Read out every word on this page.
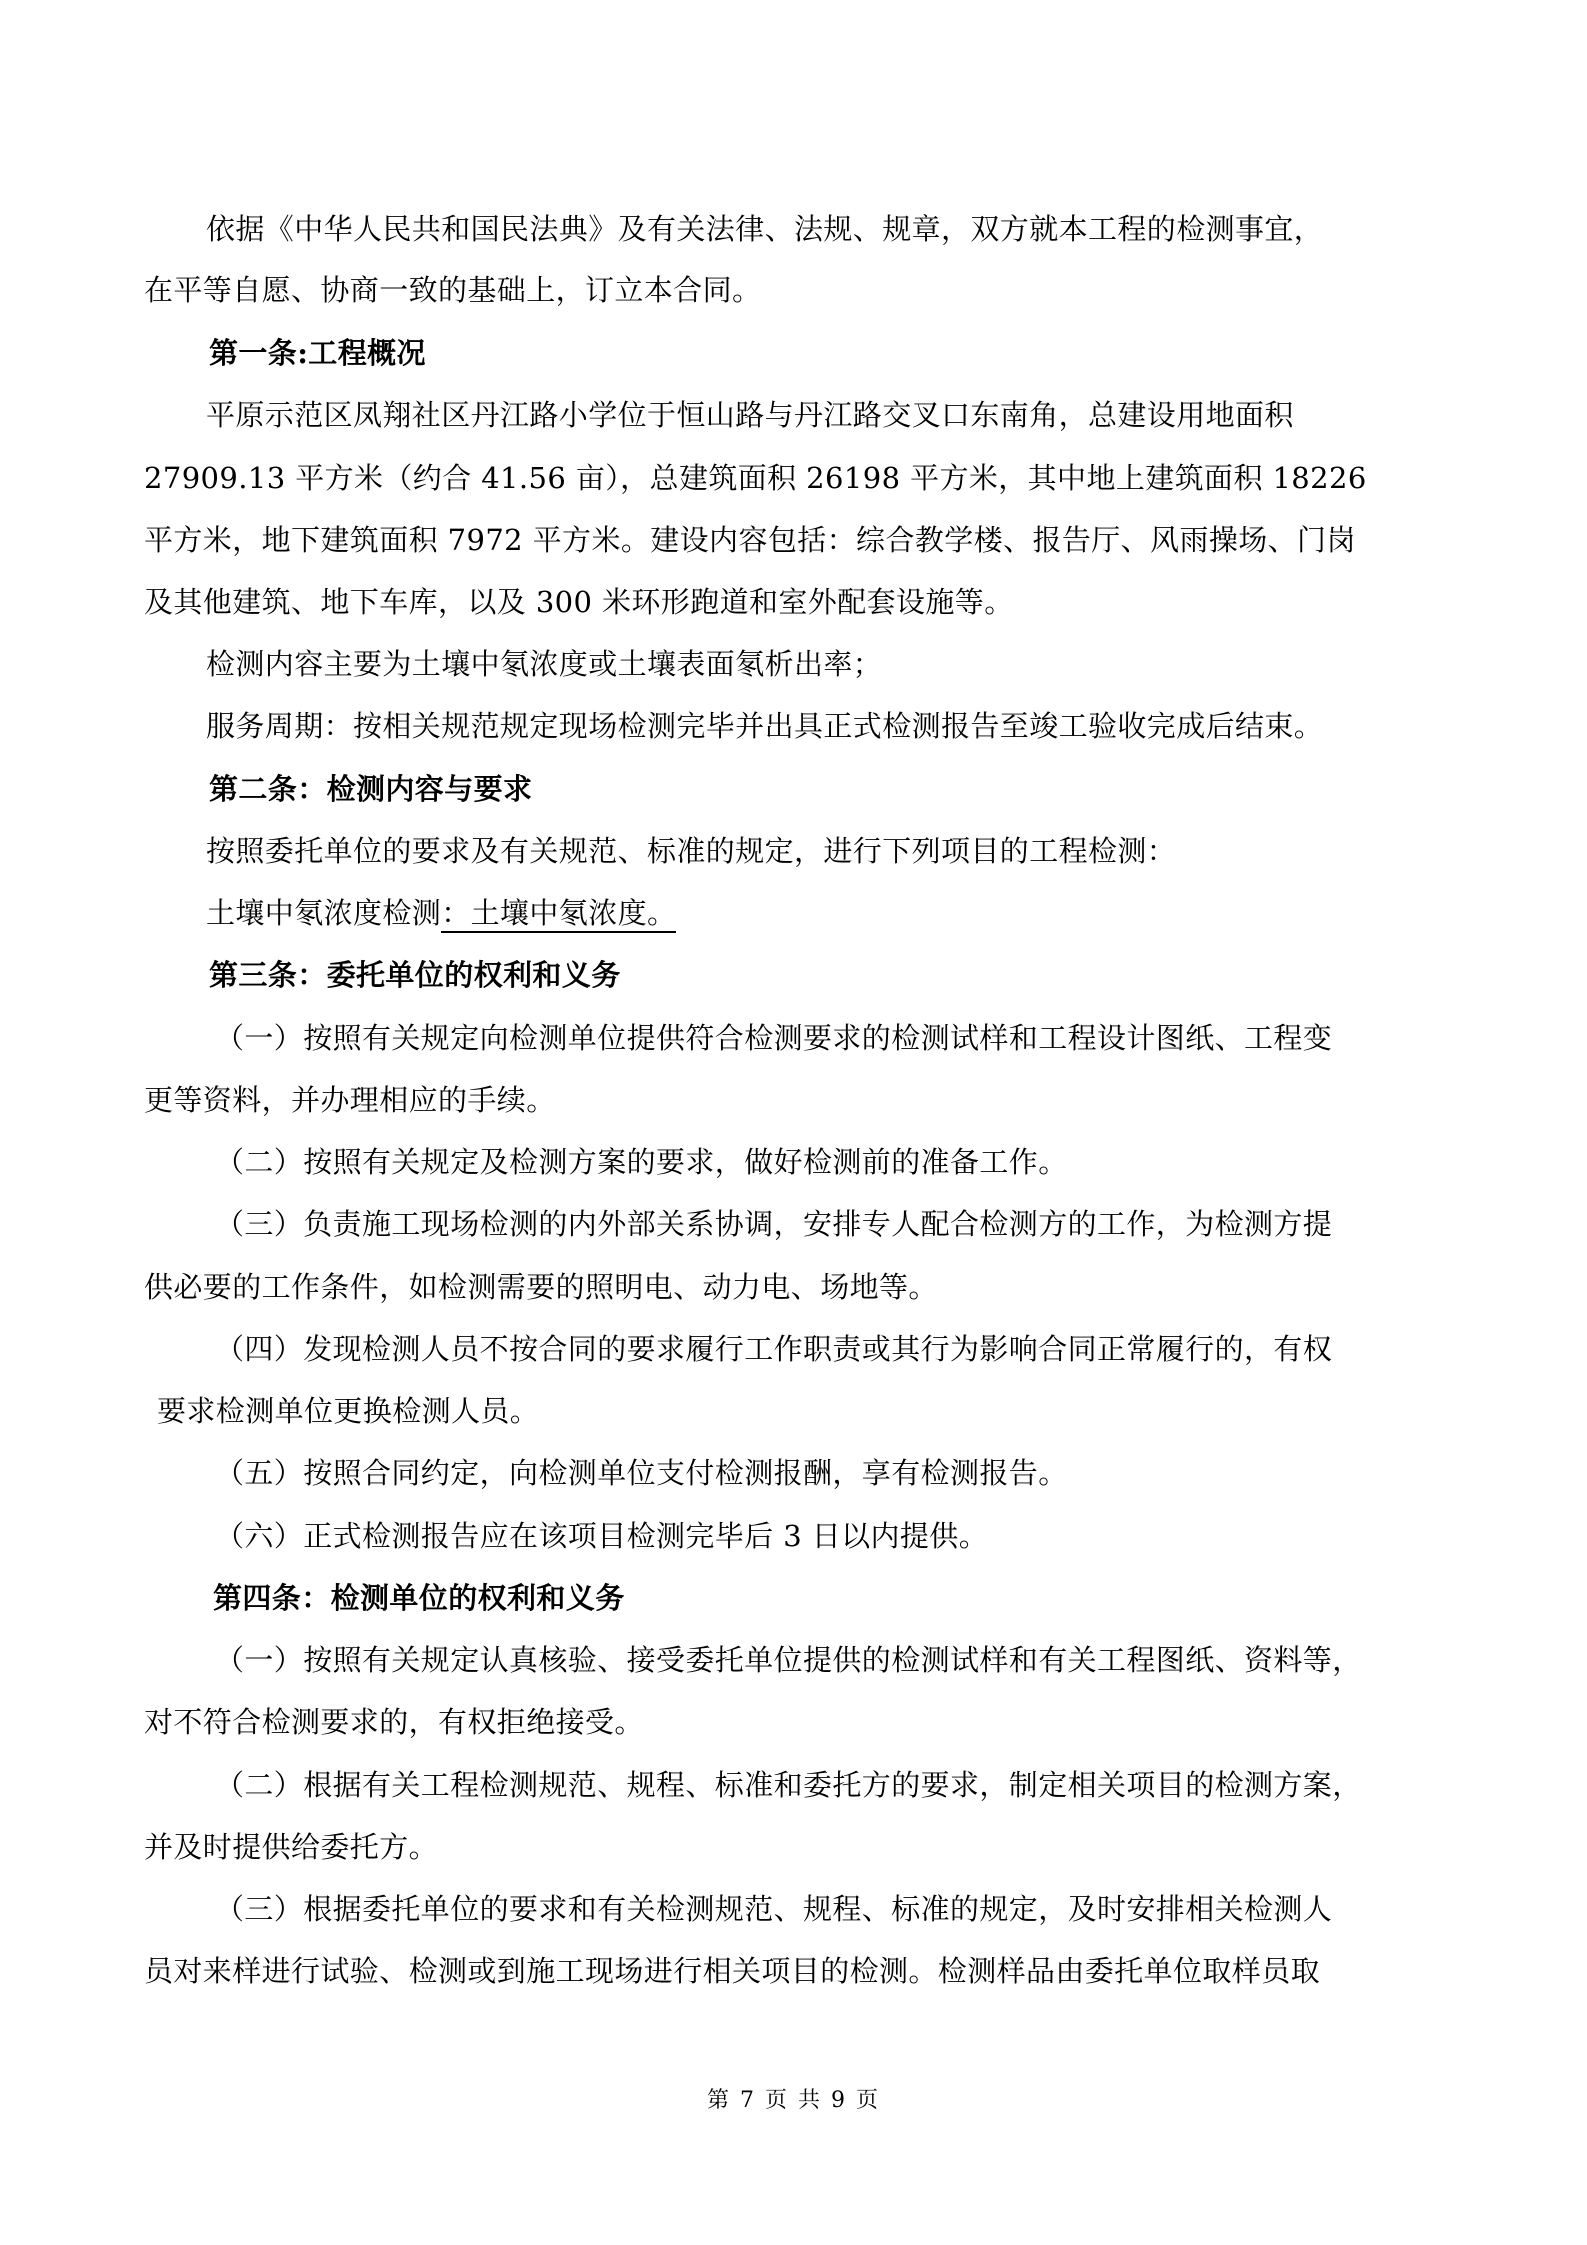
依据《中华人民共和国民法典》及有关法律、法规、规章，双方就本工程的检测事宜，

在平等自愿、协商一致的基础上，订立本合同。

第一条:工程概况

平原示范区凤翔社区丹江路小学位于恒山路与丹江路交叉口东南角，总建设用地面积

27909.13 平方米（约合 41.56 亩），总建筑面积 26198 平方米，其中地上建筑面积 18226

平方米，地下建筑面积 7972 平方米。建设内容包括：综合教学楼、报告厅、风雨操场、门岗

及其他建筑、地下车库，以及 300 米环形跑道和室外配套设施等。

检测内容主要为土壤中氡浓度或土壤表面氡析出率；

服务周期：按相关规范规定现场检测完毕并出具正式检测报告至竣工验收完成后结束。

第二条：检测内容与要求

按照委托单位的要求及有关规范、标准的规定，进行下列项目的工程检测：

土壤中氡浓度检测：土壤中氡浓度。

第三条：委托单位的权利和义务

（一）按照有关规定向检测单位提供符合检测要求的检测试样和工程设计图纸、工程变

更等资料，并办理相应的手续。

（二）按照有关规定及检测方案的要求，做好检测前的准备工作。

（三）负责施工现场检测的内外部关系协调，安排专人配合检测方的工作，为检测方提

供必要的工作条件，如检测需要的照明电、动力电、场地等。

（四）发现检测人员不按合同的要求履行工作职责或其行为影响合同正常履行的，有权

要求检测单位更换检测人员。

（五）按照合同约定，向检测单位支付检测报酬，享有检测报告。

（六）正式检测报告应在该项目检测完毕后 3 日以内提供。

第四条：检测单位的权利和义务

（一）按照有关规定认真核验、接受委托单位提供的检测试样和有关工程图纸、资料等，

对不符合检测要求的，有权拒绝接受。

（二）根据有关工程检测规范、规程、标准和委托方的要求，制定相关项目的检测方案，

并及时提供给委托方。

（三）根据委托单位的要求和有关检测规范、规程、标准的规定，及时安排相关检测人

员对来样进行试验、检测或到施工现场进行相关项目的检测。检测样品由委托单位取样员取

第 7 页 共 9 页
